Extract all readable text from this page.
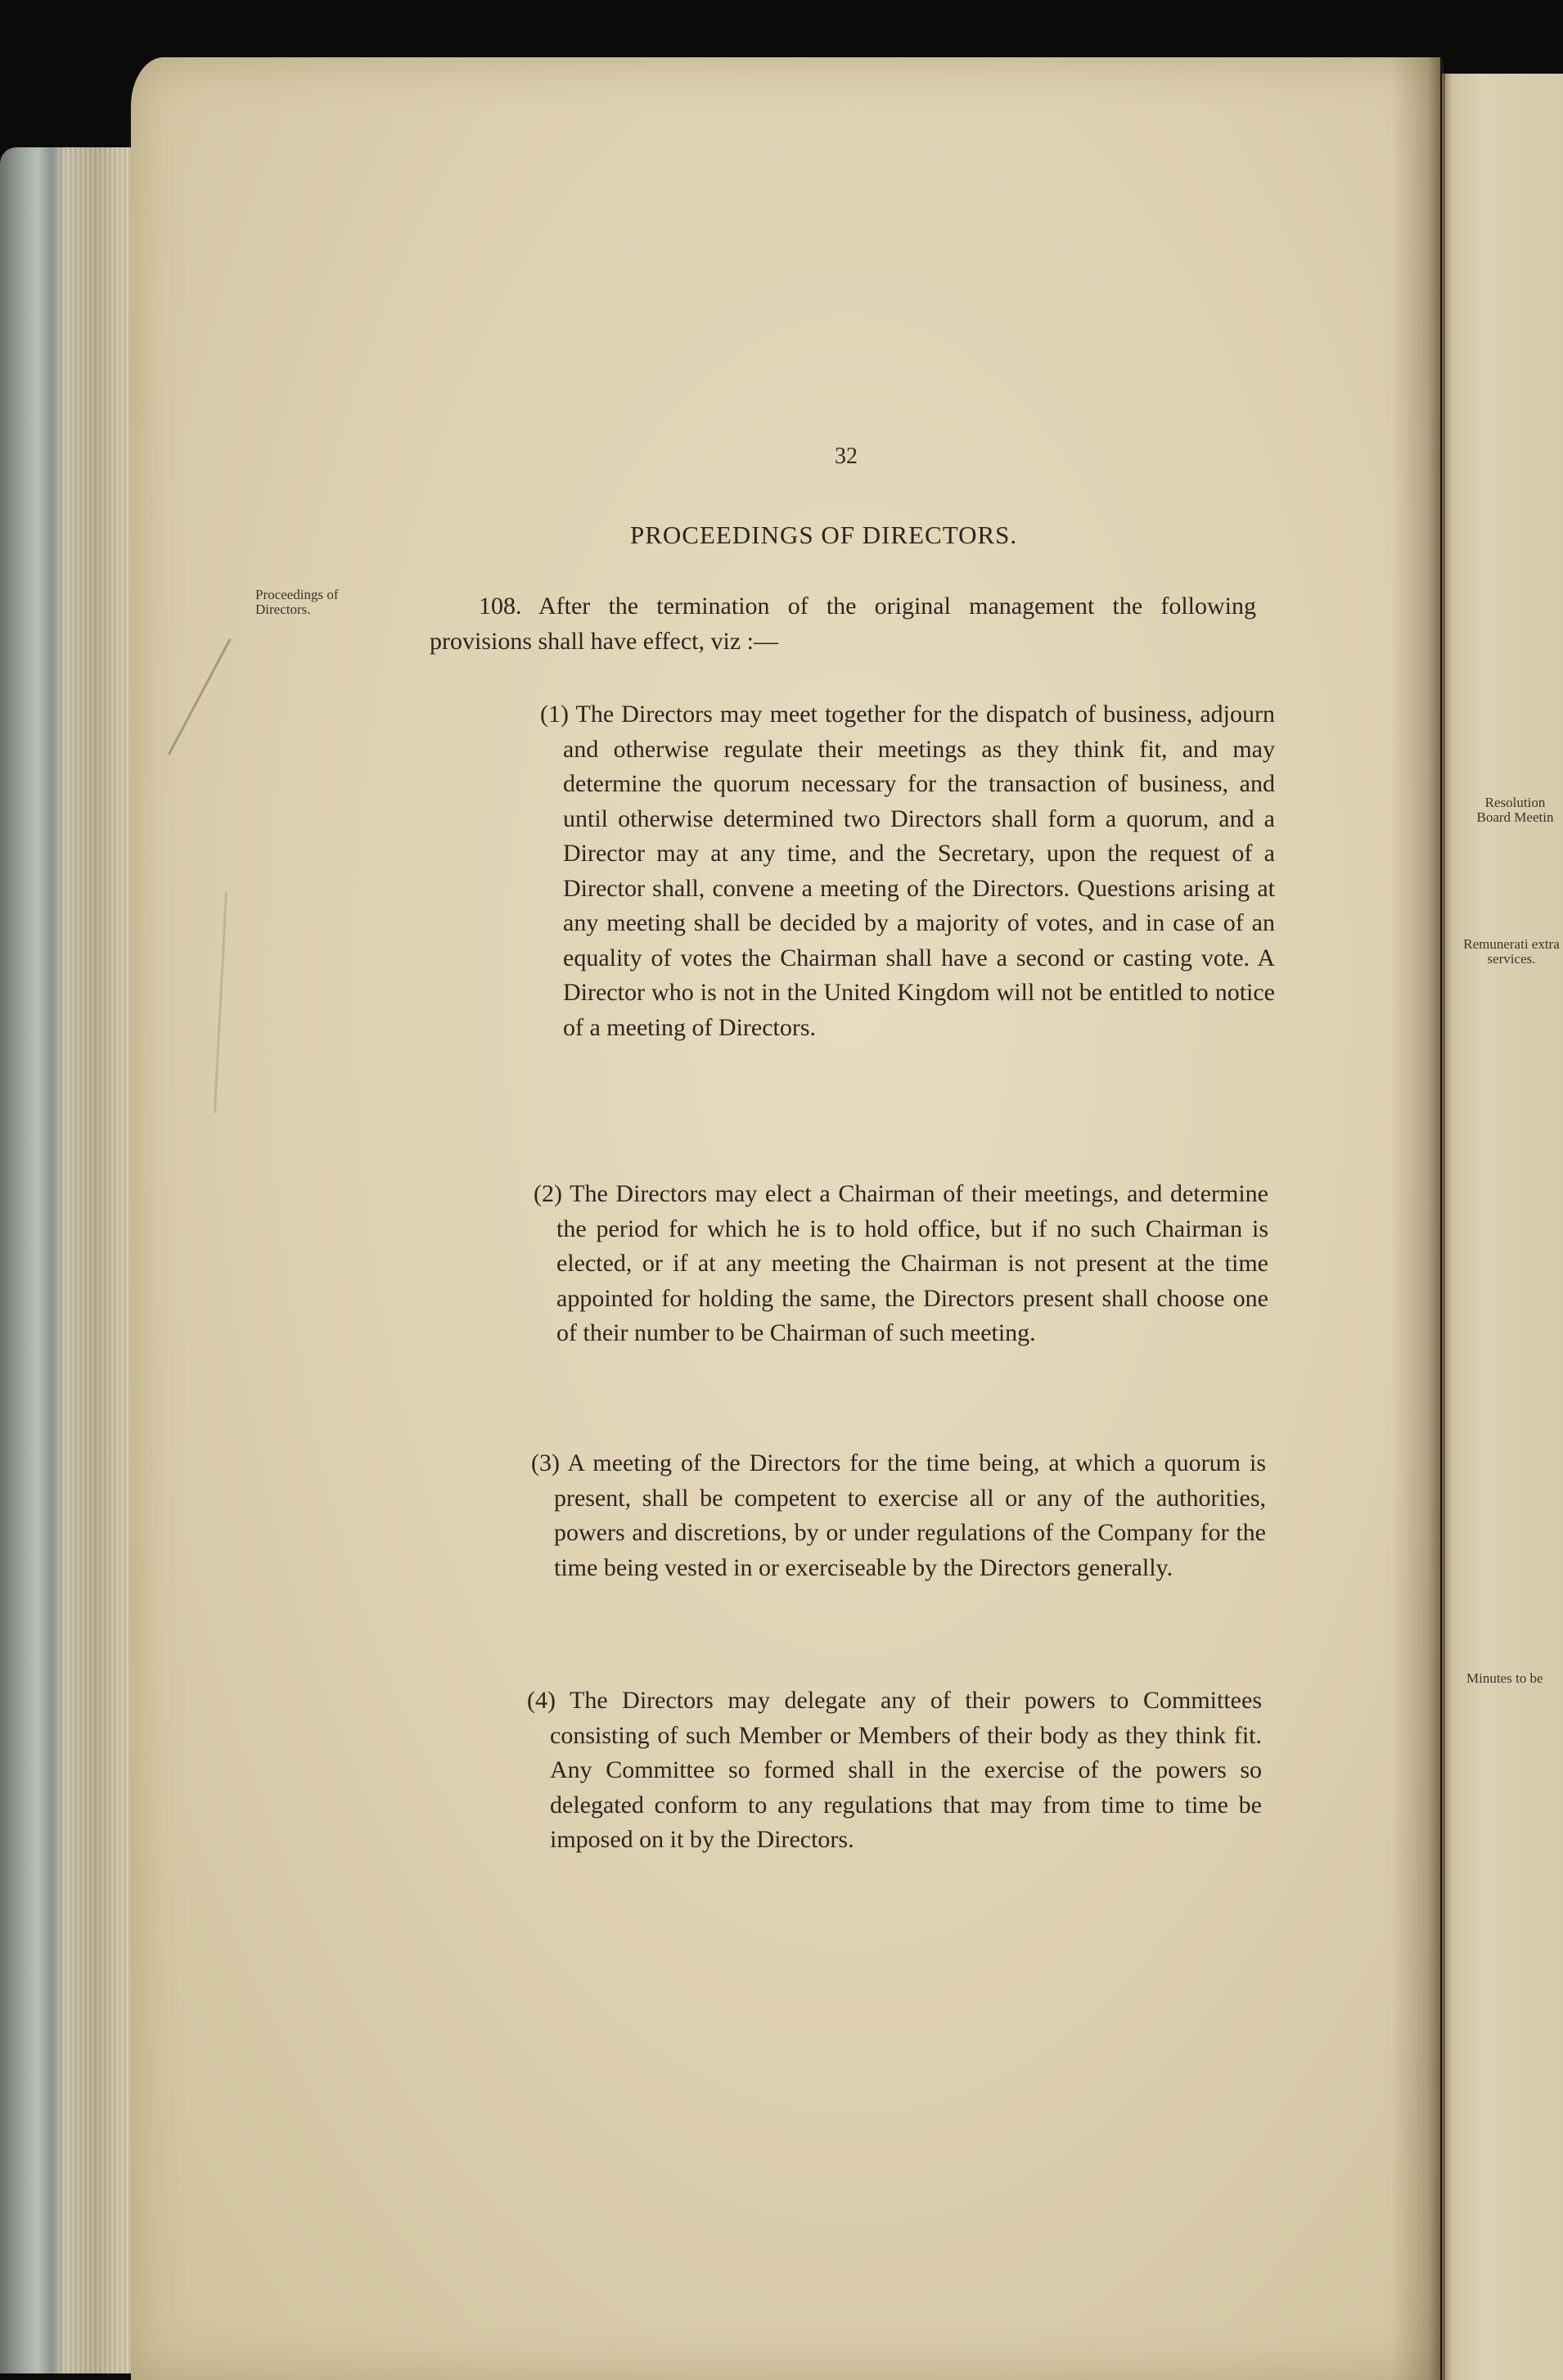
Proceedings of Directors.
Resolution Board Meetin
Remunerati extra services.
Minutes to be
32
PROCEEDINGS OF DIRECTORS.
108. After the termination of the original management the following provisions shall have effect, viz :—
(1) The Directors may meet together for the dispatch of business, adjourn and otherwise regulate their meetings as they think fit, and may determine the quorum necessary for the transaction of business, and until otherwise determined two Directors shall form a quorum, and a Director may at any time, and the Secretary, upon the request of a Director shall, convene a meeting of the Directors. Questions arising at any meeting shall be decided by a majority of votes, and in case of an equality of votes the Chairman shall have a second or casting vote. A Director who is not in the United Kingdom will not be entitled to notice of a meeting of Directors.
(2) The Directors may elect a Chairman of their meetings, and determine the period for which he is to hold office, but if no such Chairman is elected, or if at any meeting the Chairman is not present at the time appointed for holding the same, the Directors present shall choose one of their number to be Chairman of such meeting.
(3) A meeting of the Directors for the time being, at which a quorum is present, shall be competent to exercise all or any of the authorities, powers and discretions, by or under regulations of the Company for the time being vested in or exerciseable by the Directors generally.
(4) The Directors may delegate any of their powers to Committees consisting of such Member or Members of their body as they think fit. Any Committee so formed shall in the exercise of the powers so delegated conform to any regulations that may from time to time be imposed on it by the Directors.
